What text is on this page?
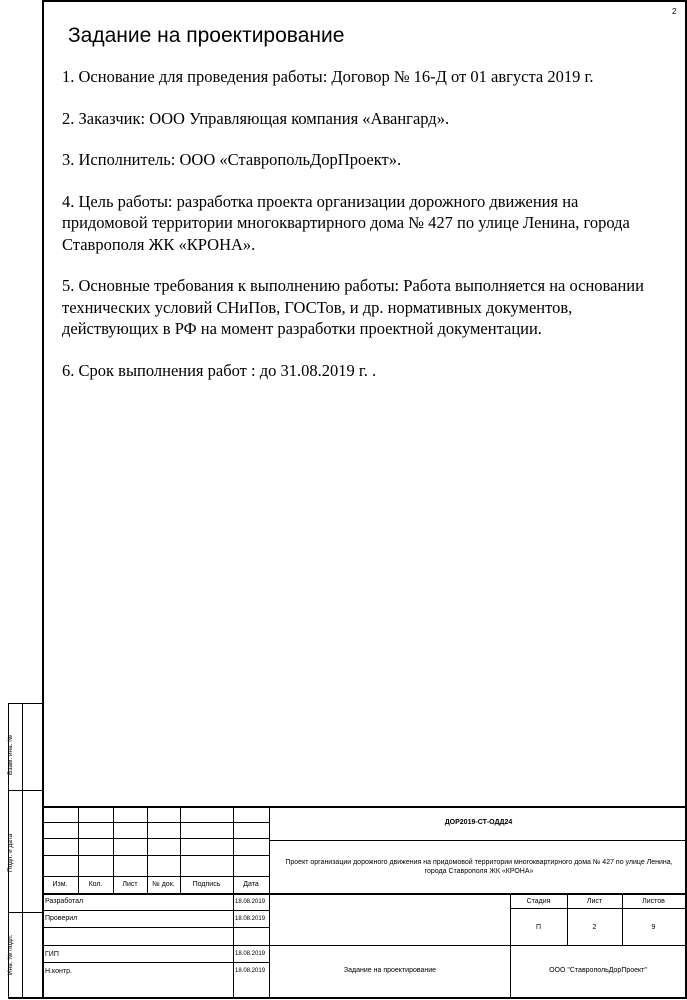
Взам. инв. №
Подп. и дата
Инв. № подл.
2
Задание на проектирование

1. Основание для проведения работы: Договор № 16-Д от 01 августа 2019 г.

2. Заказчик: ООО Управляющая компания «Авангард».

3. Исполнитель: ООО «СтавропольДорПроект».

4. Цель работы: разработка проекта организации дорожного движения на придомовой территории многоквартирного дома № 427 по улице Ленина, города Ставрополя ЖК «КРОНА».

5. Основные требования к выполнению работы: Работа выполняется на основании технических условий СНиПов, ГОСТов, и др. нормативных документов, действующих в РФ на момент разработки проектной документации.

6. Срок выполнения работ : до 31.08.2019 г. .

ДОР2019-СТ-ОДД24
Проект организации дорожного движения на придомовой территории многоквартирного дома № 427 по улице Ленина, города Ставрополя ЖК «КРОНА»
Изм.	Кол.	Лист	№ док.	Подпись	Дата
Разработал	18.08.2019
Проверил	18.08.2019
ГИП	18.08.2019
Н.контр.	18.08.2019
Стадия	Лист	Листов
П	2	9
Задание на проектирование	ООО "СтавропольДорПроект"
